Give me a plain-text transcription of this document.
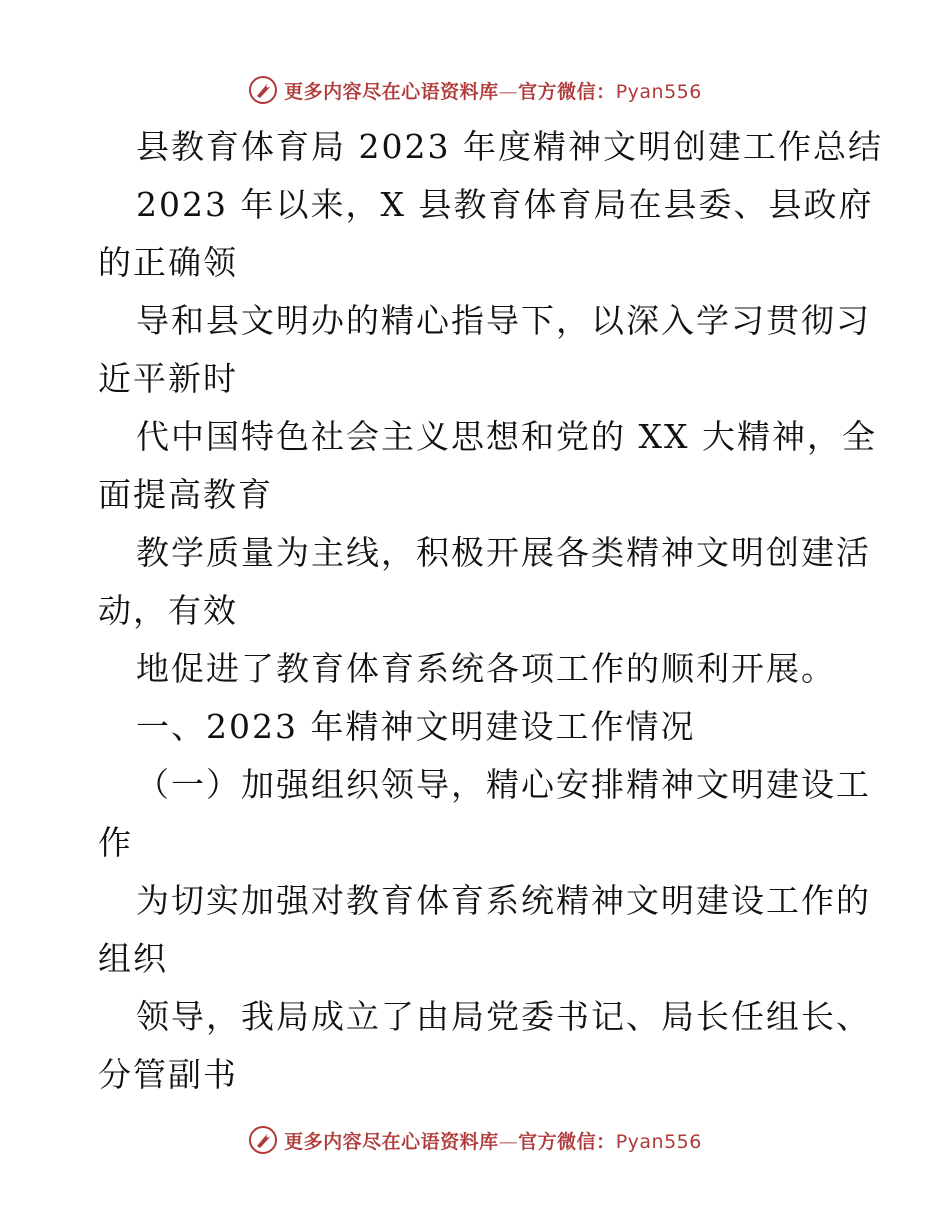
更多内容尽在心语资料库—官方微信：Pyan556
县教育体育局 2023 年度精神文明创建工作总结
2023 年以来，X 县教育体育局在县委、县政府
的正确领
导和县文明办的精心指导下，以深入学习贯彻习
近平新时
代中国特色社会主义思想和党的 XX 大精神，全
面提高教育
教学质量为主线，积极开展各类精神文明创建活
动，有效
地促进了教育体育系统各项工作的顺利开展。
一、2023 年精神文明建设工作情况
（一）加强组织领导，精心安排精神文明建设工
作
为切实加强对教育体育系统精神文明建设工作的
组织
领导，我局成立了由局党委书记、局长任组长、
分管副书
更多内容尽在心语资料库—官方微信：Pyan556
